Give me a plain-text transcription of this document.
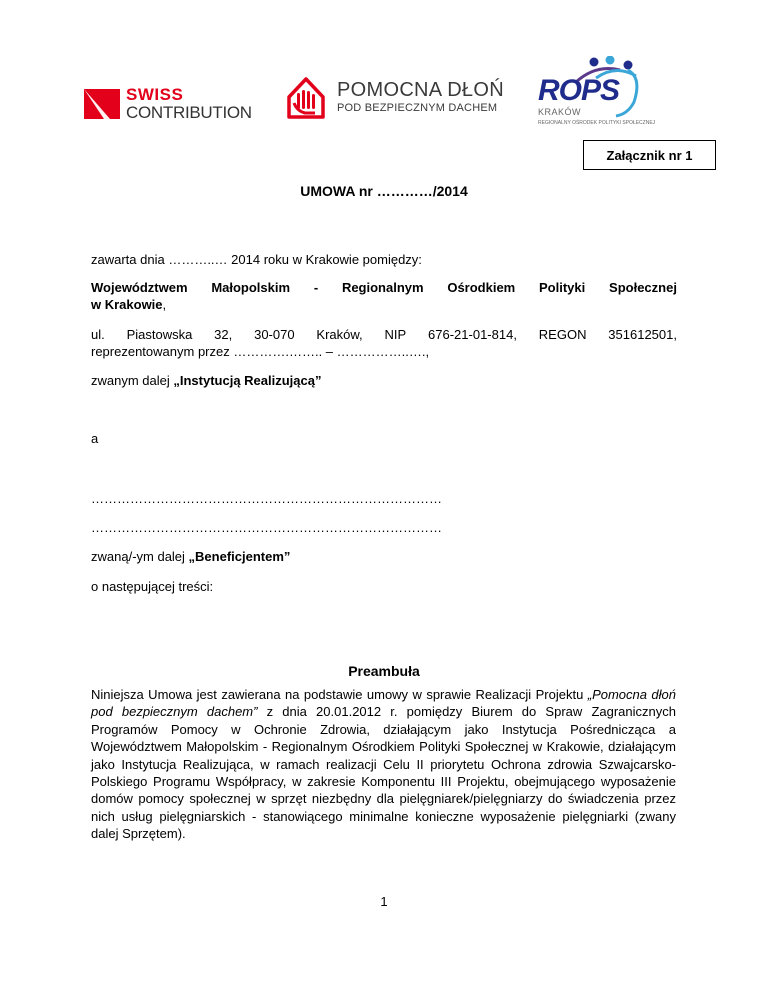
SWISS
CONTRIBUTION
POMOCNA DŁOŃ
POD BEZPIECZNYM DACHEM
ROPS
KRAKÓW
REGIONALNY OŚRODEK POLITYKI SPOŁECZNEJ
Załącznik nr 1
UMOWA nr …………/2014
zawarta dnia ………..… 2014 roku w Krakowie pomiędzy:
Województwem Małopolskim - Regionalnym Ośrodkiem Polityki Społecznej
w Krakowie,
ul. Piastowska 32, 30-070 Kraków, NIP 676-21-01-814, REGON 351612501,
reprezentowanym przez ………….…….. – ……………..….,
zwanym dalej „Instytucją Realizującą”
a
………………………………………………………………………
………………………………………………………………………
zwaną/-ym dalej „Beneficjentem”
o następującej treści:
Preambuła
Niniejsza Umowa jest zawierana na podstawie umowy w sprawie Realizacji Projektu „Pomocna dłoń pod bezpiecznym dachem” z dnia 20.01.2012 r. pomiędzy Biurem do Spraw Zagranicznych Programów Pomocy w Ochronie Zdrowia, działającym jako Instytucja Pośrednicząca a Województwem Małopolskim - Regionalnym Ośrodkiem Polityki Społecznej w Krakowie, działającym jako Instytucja Realizująca, w ramach realizacji Celu II priorytetu Ochrona zdrowia Szwajcarsko-Polskiego Programu Współpracy, w zakresie Komponentu III Projektu, obejmującego wyposażenie domów pomocy społecznej w sprzęt niezbędny dla pielęgniarek/pielęgniarzy do świadczenia przez nich usług pielęgniarskich - stanowiącego minimalne konieczne wyposażenie pielęgniarki (zwany dalej Sprzętem).
1
